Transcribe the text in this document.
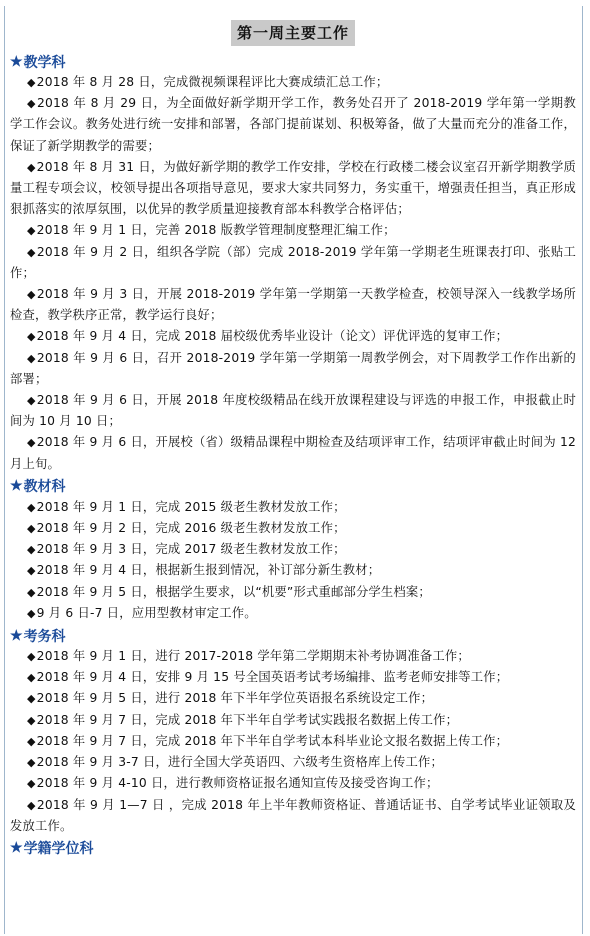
第一周主要工作
★ 教学科
◆2018 年 8 月 28 日，完成微视频课程评比大赛成绩汇总工作；
◆2018 年 8 月 29 日，为全面做好新学期开学工作，教务处召开了 2018-2019 学年第一学期教学工作会议。教务处进行统一安排和部署，各部门提前谋划、积极筹备，做了大量而充分的准备工作，保证了新学期教学的需要；
◆2018 年 8 月 31 日，为做好新学期的教学工作安排，学校在行政楼二楼会议室召开新学期教学质量工程专项会议，校领导提出各项指导意见，要求大家共同努力，务实重干，增强责任担当，真正形成狠抓落实的浓厚氛围，以优异的教学质量迎接教育部本科教学合格评估；
◆2018 年 9 月 1 日，完善 2018 版教学管理制度整理汇编工作；
◆2018 年 9 月 2 日，组织各学院（部）完成 2018-2019 学年第一学期老生班课表打印、张贴工作；
◆2018 年 9 月 3 日，开展 2018-2019 学年第一学期第一天教学检查，校领导深入一线教学场所检查，教学秩序正常，教学运行良好；
◆2018 年 9 月 4 日，完成 2018 届校级优秀毕业设计（论文）评优评选的复审工作；
◆2018 年 9 月 6 日，召开 2018-2019 学年第一学期第一周教学例会，对下周教学工作作出新的部署；
◆2018 年 9 月 6 日，开展 2018 年度校级精品在线开放课程建设与评选的申报工作，申报截止时间为 10 月 10 日；
◆2018 年 9 月 6 日，开展校（省）级精品课程中期检查及结项评审工作，结项评审截止时间为 12 月上旬。
★ 教材科
◆2018 年 9 月 1 日，完成 2015 级老生教材发放工作；
◆2018 年 9 月 2 日，完成 2016 级老生教材发放工作；
◆2018 年 9 月 3 日，完成 2017 级老生教材发放工作；
◆2018 年 9 月 4 日，根据新生报到情况，补订部分新生教材；
◆2018 年 9 月 5 日，根据学生要求，以“机要”形式重邮部分学生档案；
◆9 月 6 日-7 日，应用型教材审定工作。
★ 考务科
◆2018 年 9 月 1 日，进行 2017-2018 学年第二学期期末补考协调准备工作；
◆2018 年 9 月 4 日，安排 9 月 15 号全国英语考试考场编排、监考老师安排等工作；
◆2018 年 9 月 5 日，进行 2018 年下半年学位英语报名系统设定工作；
◆2018 年 9 月 7 日，完成 2018 年下半年自学考试实践报名数据上传工作；
◆2018 年 9 月 7 日，完成 2018 年下半年自学考试本科毕业论文报名数据上传工作；
◆2018 年 9 月 3-7 日，进行全国大学英语四、六级考生资格库上传工作；
◆2018 年 9 月 4-10 日，进行教师资格证报名通知宣传及接受咨询工作；
◆2018 年 9 月 1—7 日 ，完成 2018 年上半年教师资格证、普通话证书、自学考试毕业证领取及发放工作。
★ 学籍学位科
